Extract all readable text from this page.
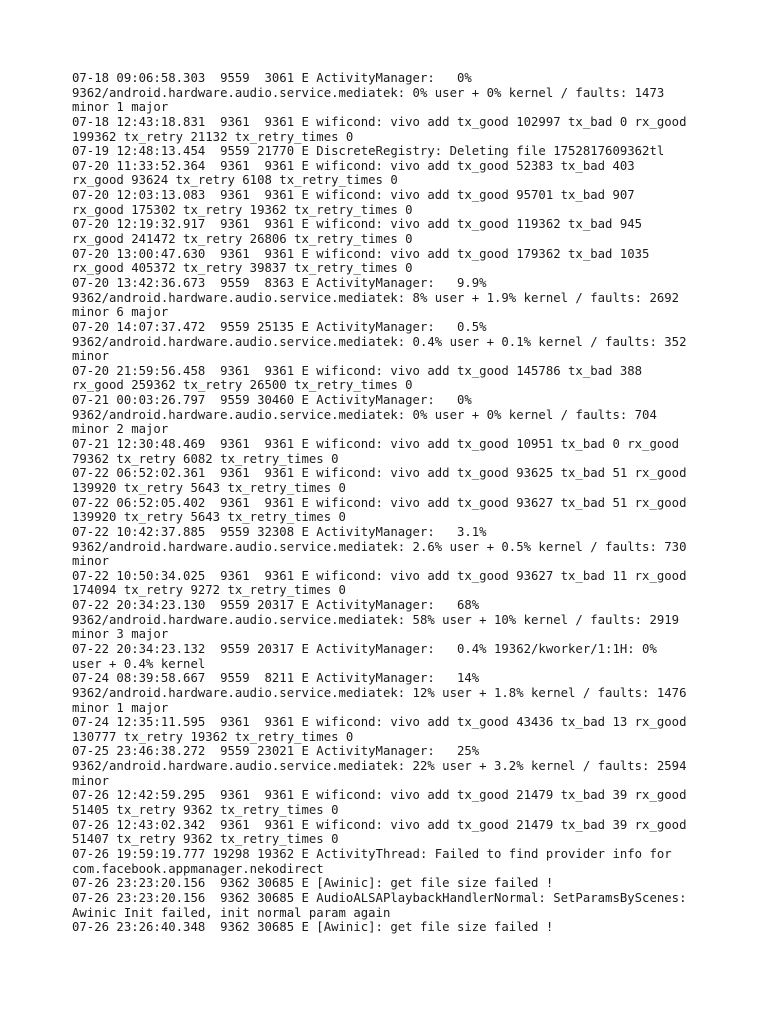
07-18 09:06:58.303  9559  3061 E ActivityManager:   0%
9362/android.hardware.audio.service.mediatek: 0% user + 0% kernel / faults: 1473
minor 1 major
07-18 12:43:18.831  9361  9361 E wificond: vivo add tx_good 102997 tx_bad 0 rx_good
199362 tx_retry 21132 tx_retry_times 0
07-19 12:48:13.454  9559 21770 E DiscreteRegistry: Deleting file 1752817609362tl
07-20 11:33:52.364  9361  9361 E wificond: vivo add tx_good 52383 tx_bad 403
rx_good 93624 tx_retry 6108 tx_retry_times 0
07-20 12:03:13.083  9361  9361 E wificond: vivo add tx_good 95701 tx_bad 907
rx_good 175302 tx_retry 19362 tx_retry_times 0
07-20 12:19:32.917  9361  9361 E wificond: vivo add tx_good 119362 tx_bad 945
rx_good 241472 tx_retry 26806 tx_retry_times 0
07-20 13:00:47.630  9361  9361 E wificond: vivo add tx_good 179362 tx_bad 1035
rx_good 405372 tx_retry 39837 tx_retry_times 0
07-20 13:42:36.673  9559  8363 E ActivityManager:   9.9%
9362/android.hardware.audio.service.mediatek: 8% user + 1.9% kernel / faults: 2692
minor 6 major
07-20 14:07:37.472  9559 25135 E ActivityManager:   0.5%
9362/android.hardware.audio.service.mediatek: 0.4% user + 0.1% kernel / faults: 352
minor
07-20 21:59:56.458  9361  9361 E wificond: vivo add tx_good 145786 tx_bad 388
rx_good 259362 tx_retry 26500 tx_retry_times 0
07-21 00:03:26.797  9559 30460 E ActivityManager:   0%
9362/android.hardware.audio.service.mediatek: 0% user + 0% kernel / faults: 704
minor 2 major
07-21 12:30:48.469  9361  9361 E wificond: vivo add tx_good 10951 tx_bad 0 rx_good
79362 tx_retry 6082 tx_retry_times 0
07-22 06:52:02.361  9361  9361 E wificond: vivo add tx_good 93625 tx_bad 51 rx_good
139920 tx_retry 5643 tx_retry_times 0
07-22 06:52:05.402  9361  9361 E wificond: vivo add tx_good 93627 tx_bad 51 rx_good
139920 tx_retry 5643 tx_retry_times 0
07-22 10:42:37.885  9559 32308 E ActivityManager:   3.1%
9362/android.hardware.audio.service.mediatek: 2.6% user + 0.5% kernel / faults: 730
minor
07-22 10:50:34.025  9361  9361 E wificond: vivo add tx_good 93627 tx_bad 11 rx_good
174094 tx_retry 9272 tx_retry_times 0
07-22 20:34:23.130  9559 20317 E ActivityManager:   68%
9362/android.hardware.audio.service.mediatek: 58% user + 10% kernel / faults: 2919
minor 3 major
07-22 20:34:23.132  9559 20317 E ActivityManager:   0.4% 19362/kworker/1:1H: 0%
user + 0.4% kernel
07-24 08:39:58.667  9559  8211 E ActivityManager:   14%
9362/android.hardware.audio.service.mediatek: 12% user + 1.8% kernel / faults: 1476
minor 1 major
07-24 12:35:11.595  9361  9361 E wificond: vivo add tx_good 43436 tx_bad 13 rx_good
130777 tx_retry 19362 tx_retry_times 0
07-25 23:46:38.272  9559 23021 E ActivityManager:   25%
9362/android.hardware.audio.service.mediatek: 22% user + 3.2% kernel / faults: 2594
minor
07-26 12:42:59.295  9361  9361 E wificond: vivo add tx_good 21479 tx_bad 39 rx_good
51405 tx_retry 9362 tx_retry_times 0
07-26 12:43:02.342  9361  9361 E wificond: vivo add tx_good 21479 tx_bad 39 rx_good
51407 tx_retry 9362 tx_retry_times 0
07-26 19:59:19.777 19298 19362 E ActivityThread: Failed to find provider info for
com.facebook.appmanager.nekodirect
07-26 23:23:20.156  9362 30685 E [Awinic]: get file size failed !
07-26 23:23:20.156  9362 30685 E AudioALSAPlaybackHandlerNormal: SetParamsByScenes:
Awinic Init failed, init normal param again
07-26 23:26:40.348  9362 30685 E [Awinic]: get file size failed !
